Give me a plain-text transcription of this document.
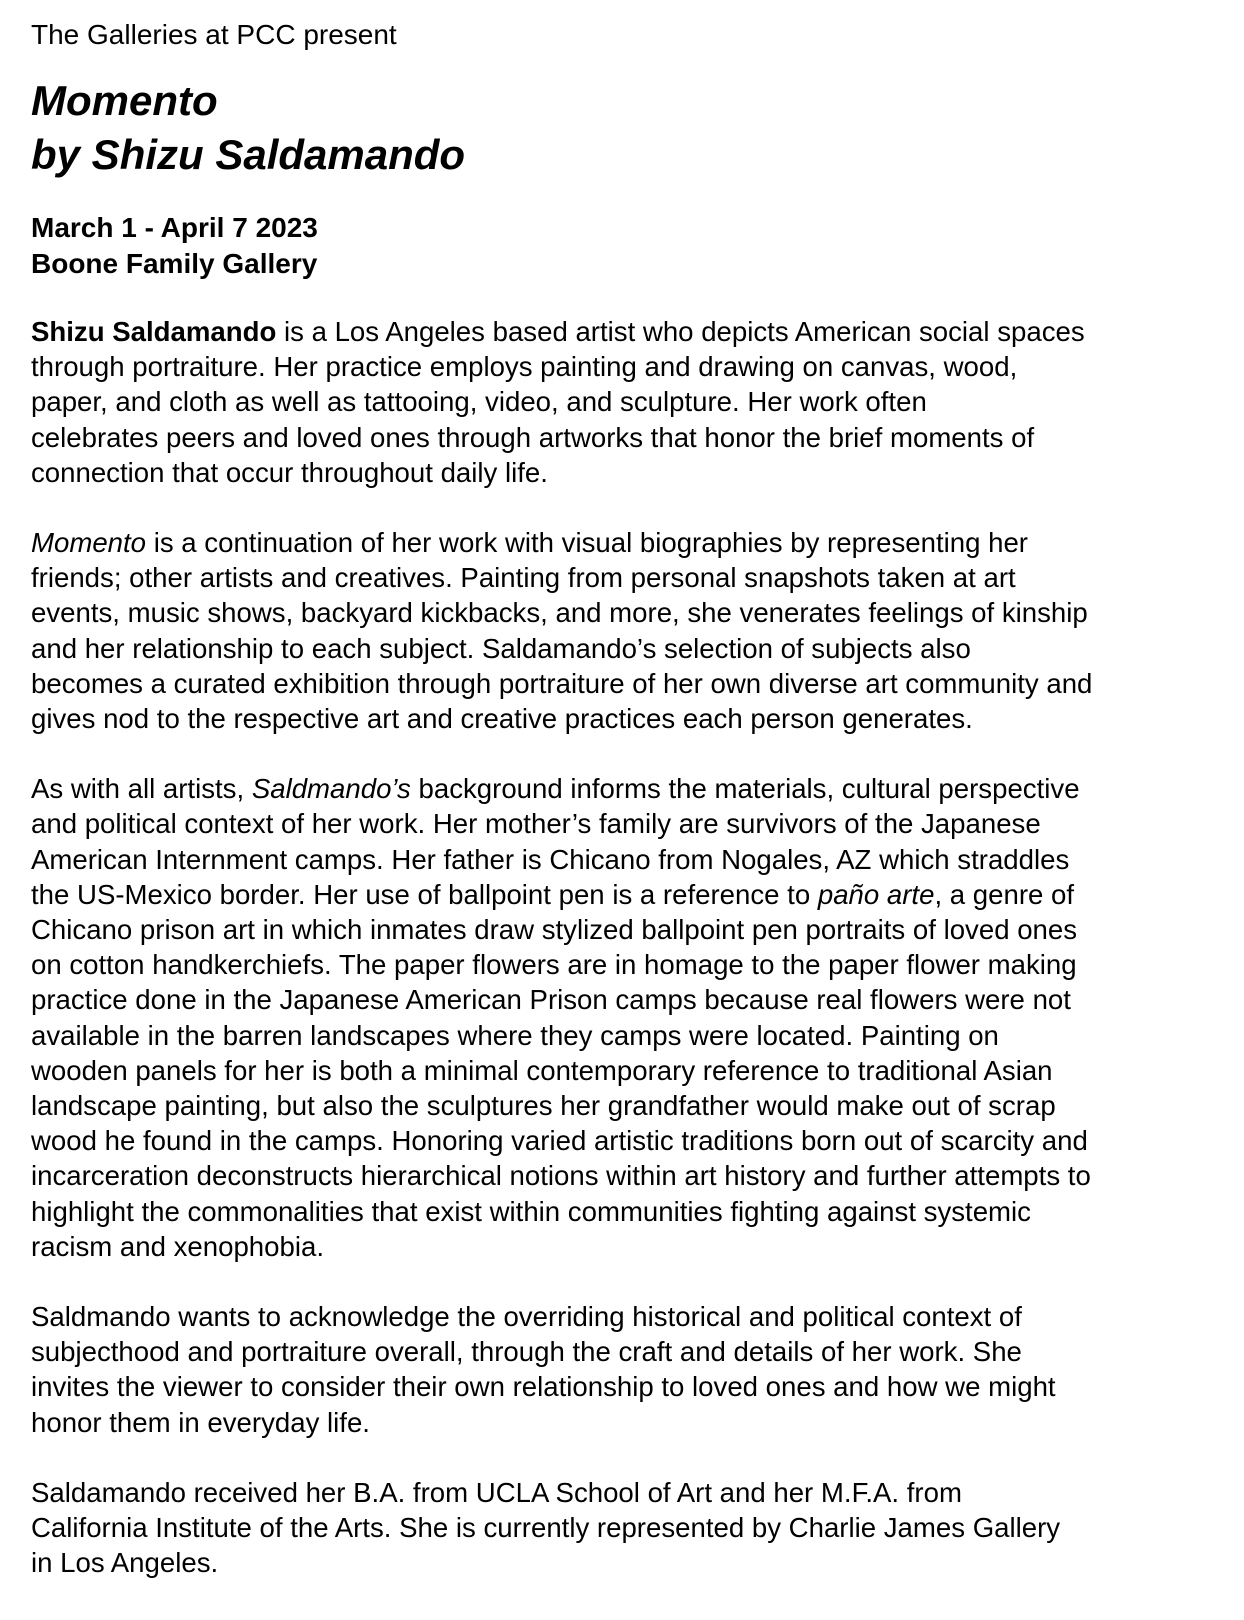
The Galleries at PCC present

Momento
by Shizu Saldamando
March 1 - April 7 2023
Boone Family Gallery
Shizu Saldamando is a Los Angeles based artist who depicts American social spaces
through portraiture. Her practice employs painting and drawing on canvas, wood,
paper, and cloth as well as tattooing, video, and sculpture. Her work often
celebrates peers and loved ones through artworks that honor the brief moments of
connection that occur throughout daily life.
Momento is a continuation of her work with visual biographies by representing her
friends; other artists and creatives. Painting from personal snapshots taken at art
events, music shows, backyard kickbacks, and more, she venerates feelings of kinship
and her relationship to each subject. Saldamando’s selection of subjects also
becomes a curated exhibition through portraiture of her own diverse art community and
gives nod to the respective art and creative practices each person generates.
As with all artists, Saldmando’s background informs the materials, cultural perspective
and political context of her work. Her mother’s family are survivors of the Japanese
American Internment camps. Her father is Chicano from Nogales, AZ which straddles
the US-Mexico border. Her use of ballpoint pen is a reference to paño arte, a genre of
Chicano prison art in which inmates draw stylized ballpoint pen portraits of loved ones
on cotton handkerchiefs. The paper flowers are in homage to the paper flower making
practice done in the Japanese American Prison camps because real flowers were not
available in the barren landscapes where they camps were located. Painting on
wooden panels for her is both a minimal contemporary reference to traditional Asian
landscape painting, but also the sculptures her grandfather would make out of scrap
wood he found in the camps. Honoring varied artistic traditions born out of scarcity and
incarceration deconstructs hierarchical notions within art history and further attempts to
highlight the commonalities that exist within communities fighting against systemic
racism and xenophobia.
Saldmando wants to acknowledge the overriding historical and political context of
subjecthood and portraiture overall, through the craft and details of her work. She
invites the viewer to consider their own relationship to loved ones and how we might
honor them in everyday life.
Saldamando received her B.A. from UCLA School of Art and her M.F.A. from
California Institute of the Arts. She is currently represented by Charlie James Gallery
in Los Angeles.
